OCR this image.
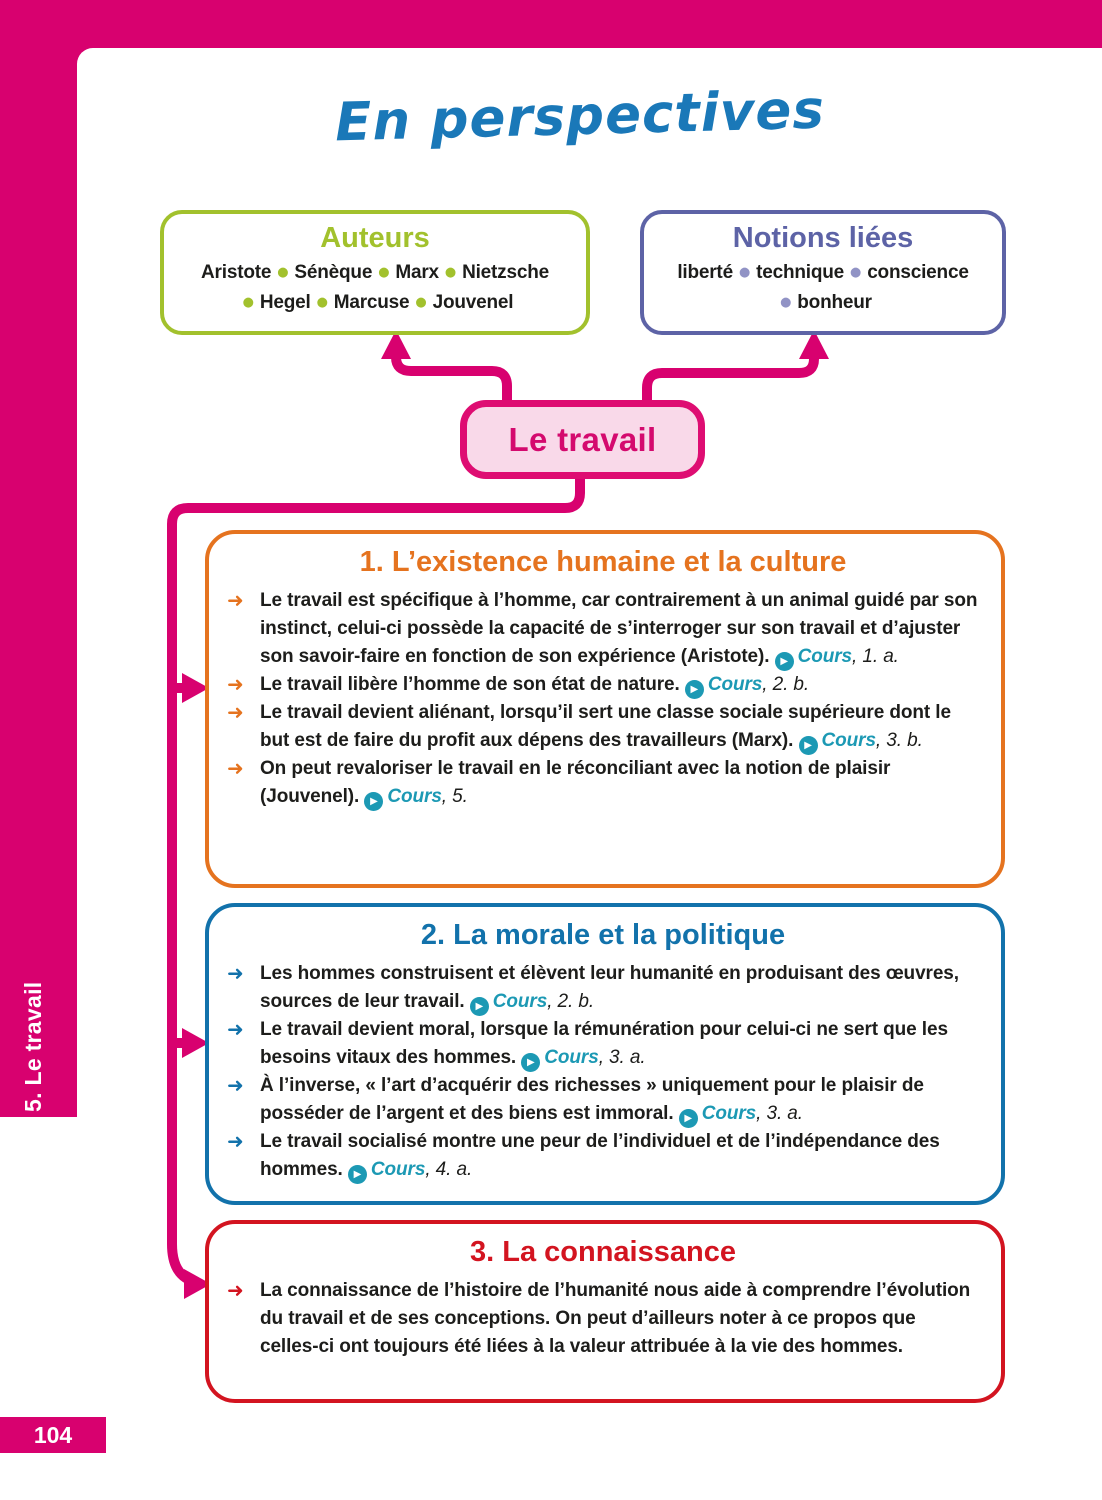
5. Le travail
104
En perspectives
Auteurs
Aristote ● Sénèque ● Marx ● Nietzsche
● Hegel ● Marcuse ● Jouvenel
Notions liées
liberté ● technique ● conscience
● bonheur
Le travail
1. L’existence humaine et la culture
➜ Le travail est spécifique à l’homme, car contrairement à un animal guidé par son instinct, celui-ci possède la capacité de s’interroger sur son travail et d’ajuster son savoir-faire en fonction de son expérience (Aristote). ▶ Cours, 1. a.
➜ Le travail libère l’homme de son état de nature. ▶ Cours, 2. b.
➜ Le travail devient aliénant, lorsqu’il sert une classe sociale supérieure dont le but est de faire du profit aux dépens des travailleurs (Marx). ▶ Cours, 3. b.
➜ On peut revaloriser le travail en le réconciliant avec la notion de plaisir (Jouvenel). ▶ Cours, 5.
2. La morale et la politique
➜ Les hommes construisent et élèvent leur humanité en produisant des œuvres, sources de leur travail. ▶ Cours, 2. b.
➜ Le travail devient moral, lorsque la rémunération pour celui-ci ne sert que les besoins vitaux des hommes. ▶ Cours, 3. a.
➜ À l’inverse, « l’art d’acquérir des richesses » uniquement pour le plaisir de posséder de l’argent et des biens est immoral. ▶ Cours, 3. a.
➜ Le travail socialisé montre une peur de l’individuel et de l’indépendance des hommes. ▶ Cours, 4. a.
3. La connaissance
➜ La connaissance de l’histoire de l’humanité nous aide à comprendre l’évolution du travail et de ses conceptions. On peut d’ailleurs noter à ce propos que celles-ci ont toujours été liées à la valeur attribuée à la vie des hommes.
